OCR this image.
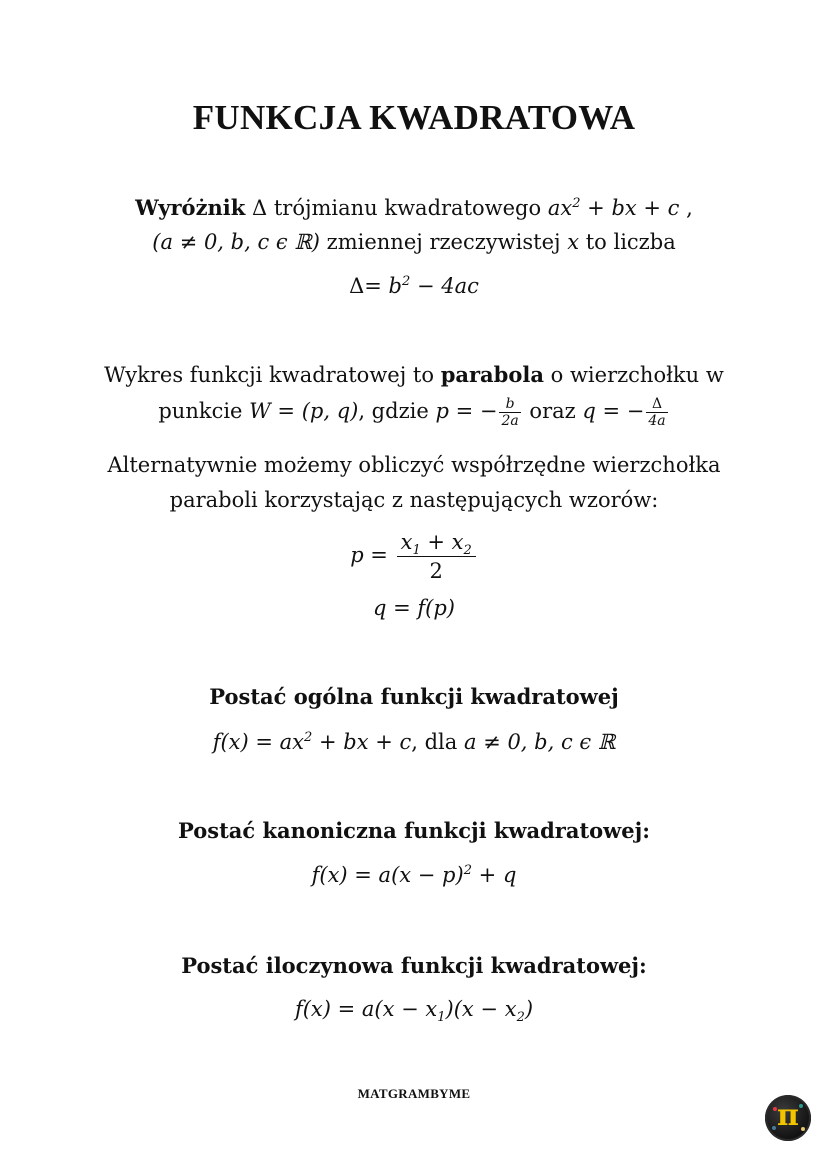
FUNKCJA KWADRATOWA
Wyróżnik Δ trójmianu kwadratowego $ax^2$ + bx + c ,
(a ≠ 0, b, c ϵ ℝ) zmiennej rzeczywistej x to liczba
$\Delta= b^2 - 4ac$
Wykres funkcji kwadratowej to parabola o wierzchołku w
punkcie W = (p, q), gdzie p = − $\frac{b}{2a}$ oraz q = − $\frac{\Delta}{4a}$
Alternatywnie możemy obliczyć współrzędne wierzchołka
paraboli korzystając z następujących wzorów:
$p = \frac{x_1 + x_2}{2}$
q = f(p)
Postać ogólna funkcji kwadratowej
$f(x) = ax^2$ + bx + c, dla a ≠ 0, b, c ϵ ℝ
Postać kanoniczna funkcji kwadratowej:
$f(x) = a(x - p)^2 + q$
Postać iloczynowa funkcji kwadratowej:
$f(x) = a(x - x_1)(x - x_2)$
MATGRAMBYME
π
